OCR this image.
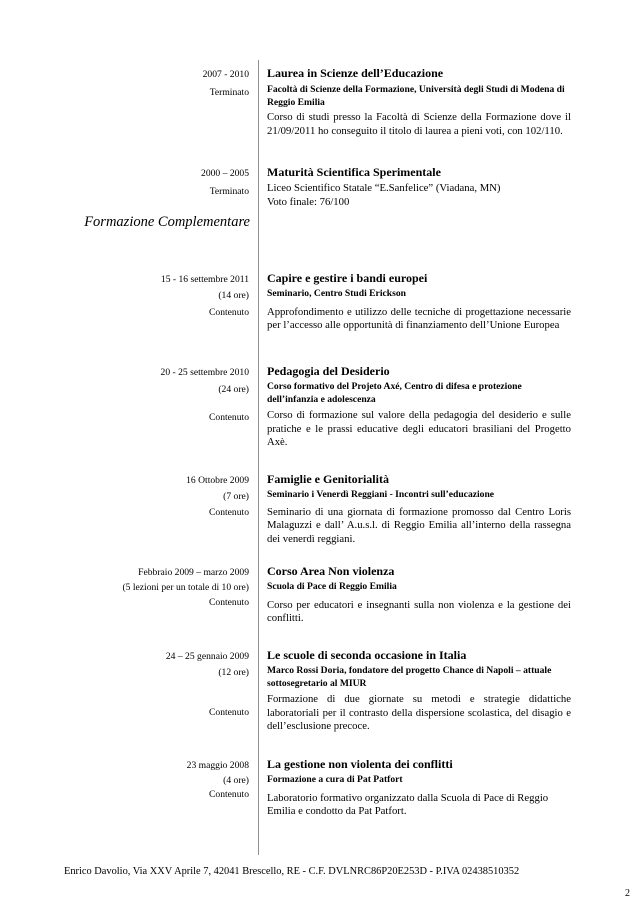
2007 - 2010
Terminato
Laurea in Scienze dell’Educazione
Facoltà di Scienze della Formazione, Università degli Studi di Modena di Reggio Emilia
Corso di studi presso la Facoltà di Scienze della Formazione dove il 21/09/2011 ho conseguito il titolo di laurea a pieni voti, con 102/110.
2000 – 2005
Terminato
Maturità Scientifica Sperimentale
Liceo Scientifico Statale “E.Sanfelice” (Viadana, MN)
Voto finale: 76/100
Formazione Complementare
15 - 16 settembre 2011
(14 ore)
Contenuto
Capire e gestire i bandi europei
Seminario, Centro Studi Erickson
Approfondimento e utilizzo delle tecniche di progettazione necessarie per l’accesso alle opportunità di finanziamento dell’Unione Europea
20 - 25 settembre 2010
(24 ore)
Contenuto
Pedagogia del Desiderio
Corso formativo del Projeto Axé, Centro di difesa e protezione dell’infanzia e adolescenza
Corso di formazione sul valore della pedagogia del desiderio e sulle pratiche e le prassi educative degli educatori brasiliani del Progetto Axè.
16 Ottobre 2009
(7 ore)
Contenuto
Famiglie e Genitorialità
Seminario i Venerdì Reggiani - Incontri sull’educazione
Seminario di una giornata di formazione promosso dal Centro Loris Malaguzzi e dall’ A.u.s.l. di Reggio Emilia all’interno della rassegna dei venerdì reggiani.
Febbraio 2009 – marzo 2009
(5 lezioni per un totale di 10 ore)
Contenuto
Corso Area Non violenza
Scuola di Pace di Reggio Emilia
Corso per educatori e insegnanti sulla non violenza e la gestione dei conflitti.
24 – 25 gennaio 2009
(12 ore)
Contenuto
Le scuole di seconda occasione in Italia
Marco Rossi Doria, fondatore del progetto Chance di Napoli – attuale sottosegretario al MIUR
Formazione di due giornate su metodi e strategie didattiche laboratoriali per il contrasto della dispersione scolastica, del disagio e dell’esclusione precoce.
23 maggio 2008
(4 ore)
Contenuto
La gestione non violenta dei conflitti
Formazione a cura di Pat Patfort
Laboratorio formativo organizzato dalla Scuola di Pace di Reggio Emilia e condotto da Pat Patfort.
Enrico Davolio, Via XXV Aprile 7, 42041 Brescello, RE - C.F. DVLNRC86P20E253D - P.IVA 02438510352
2
